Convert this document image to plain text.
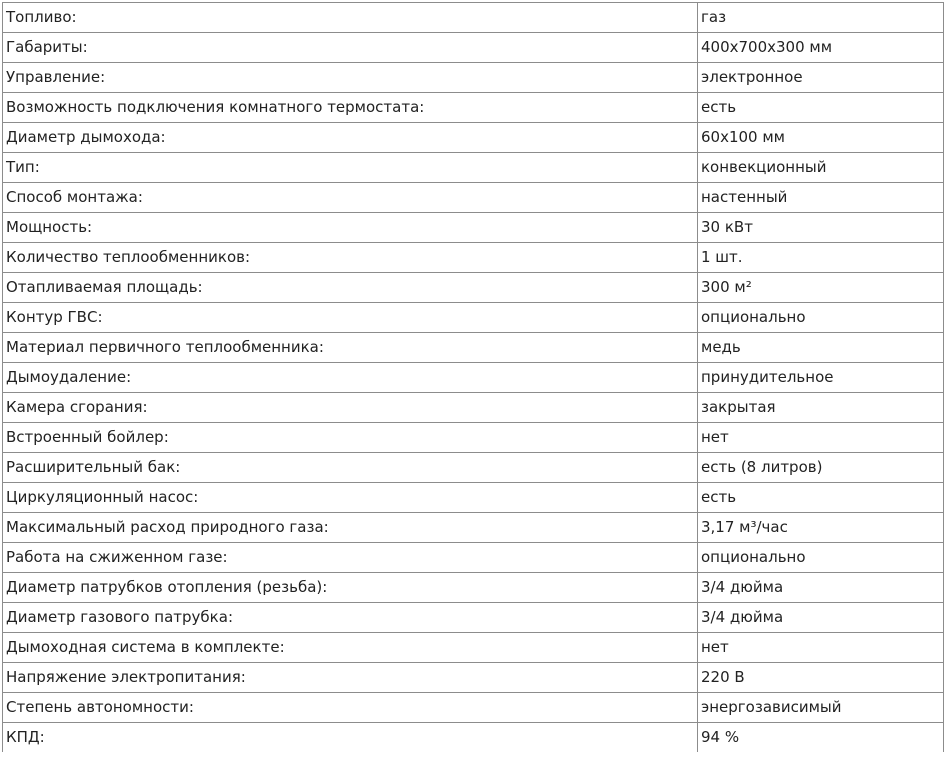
Топливо:	газ
Габариты:	400x700x300 мм
Управление:	электронное
Возможность подключения комнатного термостата:	есть
Диаметр дымохода:	60x100 мм
Тип:	конвекционный
Способ монтажа:	настенный
Мощность:	30 кВт
Количество теплообменников:	1 шт.
Отапливаемая площадь:	300 м²
Контур ГВС:	опционально
Материал первичного теплообменника:	медь
Дымоудаление:	принудительное
Камера сгорания:	закрытая
Встроенный бойлер:	нет
Расширительный бак:	есть (8 литров)
Циркуляционный насос:	есть
Максимальный расход природного газа:	3,17 м³/час
Работа на сжиженном газе:	опционально
Диаметр патрубков отопления (резьба):	3/4 дюйма
Диаметр газового патрубка:	3/4 дюйма
Дымоходная система в комплекте:	нет
Напряжение электропитания:	220 В
Степень автономности:	энергозависимый
КПД:	94 %
